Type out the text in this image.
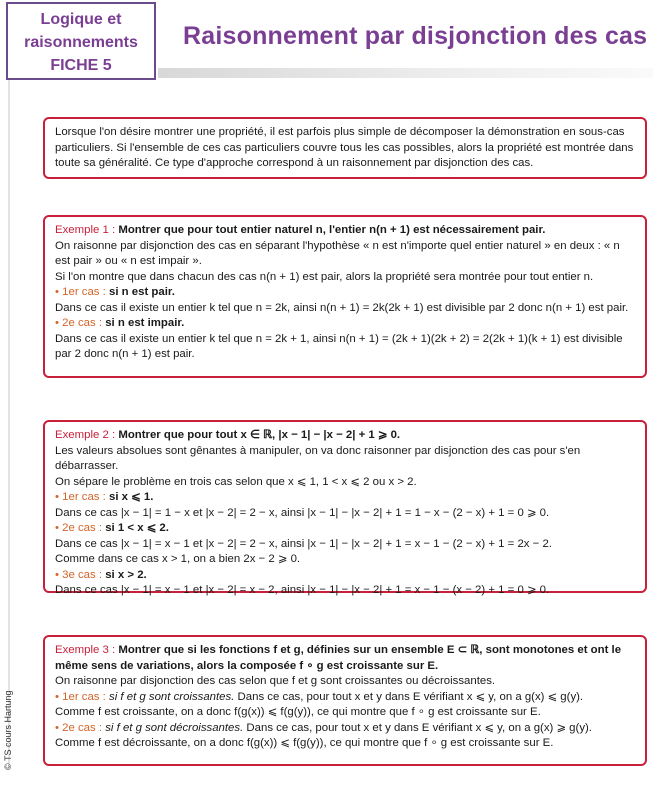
Logique et
raisonnements
FICHE 5
Raisonnement par disjonction des cas
© TS cours Hartung

Lorsque l'on désire montrer une propriété, il est parfois plus simple de décomposer la démonstration en sous-cas particuliers. Si l'ensemble de ces cas particuliers couvre tous les cas possibles, alors la propriété est montrée dans toute sa généralité. Ce type d'approche correspond à un raisonnement par disjonction des cas.

Exemple 1 : Montrer que pour tout entier naturel n, l'entier n(n + 1) est nécessairement pair.

On raisonne par disjonction des cas en séparant l'hypothèse « n est n'importe quel entier naturel » en deux : « n est pair » ou « n est impair ».

Si l'on montre que dans chacun des cas n(n + 1) est pair, alors la propriété sera montrée pour tout entier n.

• 1er cas : si n est pair.

Dans ce cas il existe un entier k tel que n = 2k, ainsi n(n + 1) = 2k(2k + 1) est divisible par 2 donc n(n + 1) est pair.

• 2e cas : si n est impair.

Dans ce cas il existe un entier k tel que n = 2k + 1, ainsi n(n + 1) = (2k + 1)(2k + 2) = 2(2k + 1)(k + 1) est divisible par 2 donc n(n + 1) est pair.

Exemple 2 : Montrer que pour tout x ∈ ℝ, |x − 1| − |x − 2| + 1 ⩾ 0.

Les valeurs absolues sont gênantes à manipuler, on va donc raisonner par disjonction des cas pour s'en débarrasser.

On sépare le problème en trois cas selon que x ⩽ 1, 1 < x ⩽ 2 ou x > 2.

• 1er cas : si x ⩽ 1.

Dans ce cas |x − 1| = 1 − x et |x − 2| = 2 − x, ainsi |x − 1| − |x − 2| + 1 = 1 − x − (2 − x) + 1 = 0 ⩾ 0.

• 2e cas : si 1 < x ⩽ 2.

Dans ce cas |x − 1| = x − 1 et |x − 2| = 2 − x, ainsi |x − 1| − |x − 2| + 1 = x − 1 − (2 − x) + 1 = 2x − 2.

Comme dans ce cas x > 1, on a bien 2x − 2 ⩾ 0.

• 3e cas : si x > 2.

Dans ce cas |x − 1| = x − 1 et |x − 2| = x − 2, ainsi |x − 1| − |x − 2| + 1 = x − 1 − (x − 2) + 1 = 0 ⩾ 0.

Exemple 3 : Montrer que si les fonctions f et g, définies sur un ensemble E ⊂ ℝ, sont monotones et ont le même sens de variations, alors la composée f ∘ g est croissante sur E.

On raisonne par disjonction des cas selon que f et g sont croissantes ou décroissantes.

• 1er cas : si f et g sont croissantes. Dans ce cas, pour tout x et y dans E vérifiant x ⩽ y, on a g(x) ⩽ g(y).

Comme f est croissante, on a donc f(g(x)) ⩽ f(g(y)), ce qui montre que f ∘ g est croissante sur E.

• 2e cas : si f et g sont décroissantes. Dans ce cas, pour tout x et y dans E vérifiant x ⩽ y, on a g(x) ⩾ g(y).

Comme f est décroissante, on a donc f(g(x)) ⩽ f(g(y)), ce qui montre que f ∘ g est croissante sur E.
